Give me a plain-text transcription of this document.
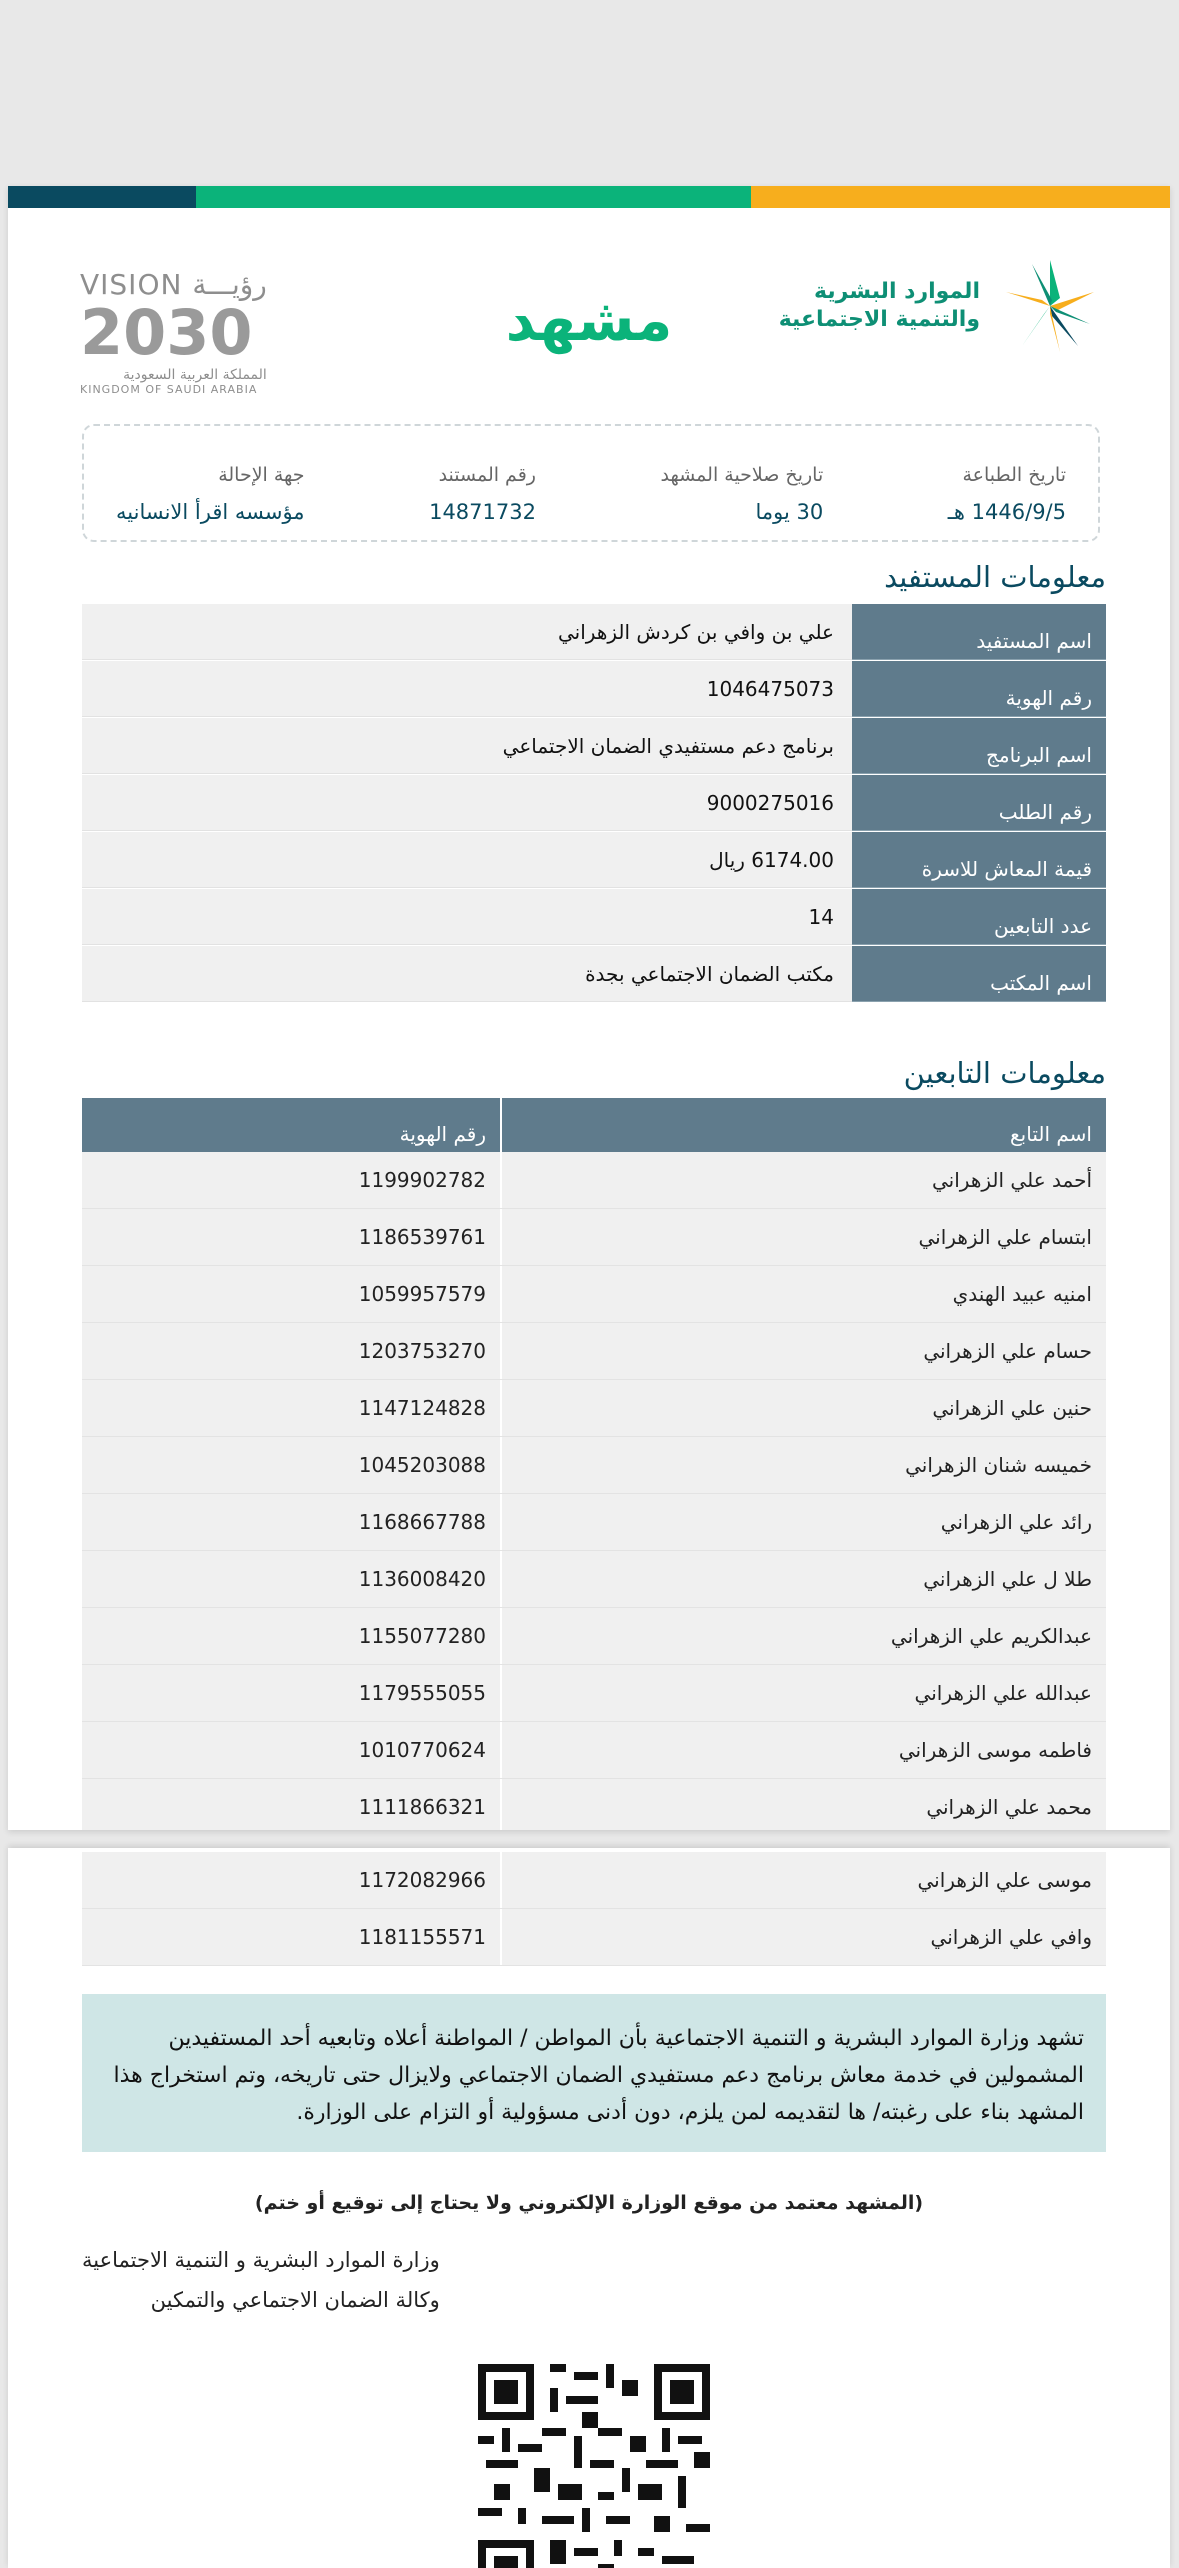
الموارد البشرية
والتنمية الاجتماعية
مشهد
VISION رؤيـــة
2030
المملكة العربية السعودية
KINGDOM OF SAUDI ARABIA
تاريخ الطباعة
1446/9/5 هـ
تاريخ صلاحية المشهد
30 يوما
رقم المستند
14871732
جهة الإحالة
مؤسسه اقرأ الانسانيه
معلومات المستفيد
اسم المستفيد
علي بن وافي بن كردش الزهراني
رقم الهوية
1046475073
اسم البرنامج
برنامج دعم مستفيدي الضمان الاجتماعي
رقم الطلب
9000275016
قيمة المعاش للاسرة
6174.00 ريال
عدد التابعين
14
اسم المكتب
مكتب الضمان الاجتماعي بجدة
معلومات التابعين
اسم التابع
رقم الهوية
أحمد علي الزهراني
1199902782
ابتسام علي الزهراني
1186539761
امنيه عبيد الهندي
1059957579
حسام علي الزهراني
1203753270
حنين علي الزهراني
1147124828
خميسه شنان الزهراني
1045203088
رائد علي الزهراني
1168667788
طلا ل علي الزهراني
1136008420
عبدالكريم علي الزهراني
1155077280
عبدالله علي الزهراني
1179555055
فاطمه موسى الزهراني
1010770624
محمد علي الزهراني
1111866321
موسى علي الزهراني
1172082966
وافي علي الزهراني
1181155571
تشهد وزارة الموارد البشرية و التنمية الاجتماعية بأن المواطن / المواطنة أعلاه وتابعيه أحد المستفيدين المشمولين في خدمة معاش برنامج دعم مستفيدي الضمان الاجتماعي ولايزال حتى تاريخه، وتم استخراج هذا المشهد بناء على رغبته/ ها لتقديمه لمن يلزم، دون أدنى مسؤولية أو التزام على الوزارة.
(المشهد معتمد من موقع الوزارة الإلكتروني ولا يحتاج إلى توقيع أو ختم)
وزارة الموارد البشرية و التنمية الاجتماعية
وكالة الضمان الاجتماعي والتمكين
